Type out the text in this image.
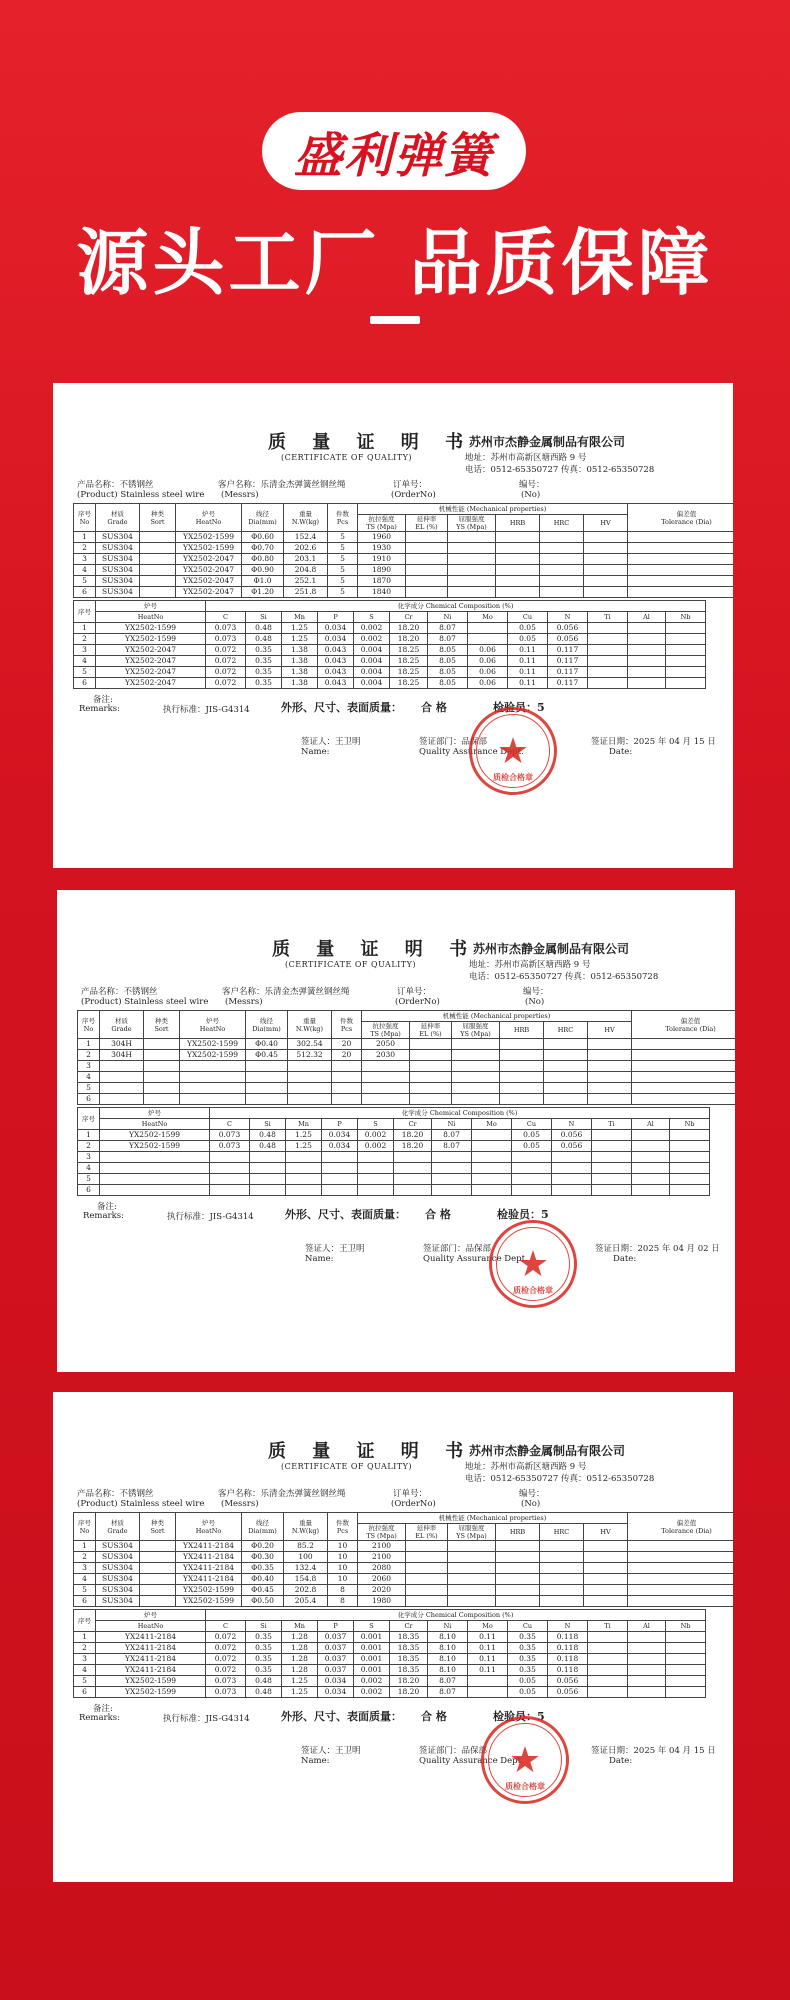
盛利弹簧
源头工厂 品质保障
质 量 证 明 书
(CERTIFICATE OF QUALITY)
苏州市杰静金属制品有限公司
地址：苏州市高新区塘西路 9 号
电话：0512-65350727 传真：0512-65350728
产品名称：不锈钢丝
(Product) Stainless steel wire
客户名称：乐清金杰弹簧丝钢丝绳
(Messrs)
订单号：
(OrderNo)
编号：
(No)
序号
No	材质
Grade	种类
Sort	炉号
HeatNo	线径
Dia(mm)	重量
N.W(kg)	件数
Pcs	机械性能 (Mechanical properties)						偏差值
Tolerance (Dia)
							抗拉强度
TS (Mpa)	延伸率
EL (%)	屈服强度
YS (Mpa)	HRB	HRC	HV	
1	SUS304		YX2502-1599	Φ0.60	152.4	5	1960						
2	SUS304		YX2502-1599	Φ0.70	202.6	5	1930						
3	SUS304		YX2502-2047	Φ0.80	203.1	5	1910						
4	SUS304		YX2502-2047	Φ0.90	204.8	5	1890						
5	SUS304		YX2502-2047	Φ1.0	252.1	5	1870						
6	SUS304		YX2502-2047	Φ1.20	251.8	5	1840						
序号	炉号	化学成分 Chemical Composition (%)												
	HeatNo	C	Si	Mn	P	S	Cr	Ni	Mo	Cu	N	Ti	Al	Nb
1	YX2502-1599	0.073	0.48	1.25	0.034	0.002	18.20	8.07		0.05	0.056			
2	YX2502-1599	0.073	0.48	1.25	0.034	0.002	18.20	8.07		0.05	0.056			
3	YX2502-2047	0.072	0.35	1.38	0.043	0.004	18.25	8.05	0.06	0.11	0.117			
4	YX2502-2047	0.072	0.35	1.38	0.043	0.004	18.25	8.05	0.06	0.11	0.117			
5	YX2502-2047	0.072	0.35	1.38	0.043	0.004	18.25	8.05	0.06	0.11	0.117			
6	YX2502-2047	0.072	0.35	1.38	0.043	0.004	18.25	8.05	0.06	0.11	0.117			
备注:
Remarks:	执行标准：JIS-G4314	外形、尺寸、表面质量： 合 格	检验员：5
签证人：王卫明
Name:
签证部门：品保部
Quality Assurance Dept.
签证日期：2025 年 04 月 15 日
Date:
★
质检合格章
质 量 证 明 书
(CERTIFICATE OF QUALITY)
苏州市杰静金属制品有限公司
地址：苏州市高新区塘西路 9 号
电话：0512-65350727 传真：0512-65350728
产品名称：不锈钢丝
(Product) Stainless steel wire
客户名称：乐清金杰弹簧丝钢丝绳
(Messrs)
订单号：
(OrderNo)
编号：
(No)
序号
No	材质
Grade	种类
Sort	炉号
HeatNo	线径
Dia(mm)	重量
N.W(kg)	件数
Pcs	机械性能 (Mechanical properties)						偏差值
Tolerance (Dia)
							抗拉强度
TS (Mpa)	延伸率
EL (%)	屈服强度
YS (Mpa)	HRB	HRC	HV	
1	304H		YX2502-1599	Φ0.40	302.54	20	2050						
2	304H		YX2502-1599	Φ0.45	512.32	20	2030						
3													
4													
5													
6													
序号	炉号	化学成分 Chemical Composition (%)												
	HeatNo	C	Si	Mn	P	S	Cr	Ni	Mo	Cu	N	Ti	Al	Nb
1	YX2502-1599	0.073	0.48	1.25	0.034	0.002	18.20	8.07		0.05	0.056			
2	YX2502-1599	0.073	0.48	1.25	0.034	0.002	18.20	8.07		0.05	0.056			
3														
4														
5														
6														
备注:
Remarks:	执行标准：JIS-G4314	外形、尺寸、表面质量： 合 格	检验员：5
签证人：王卫明
Name:
签证部门：品保部
Quality Assurance Dept.
签证日期：2025 年 04 月 02 日
Date:
★
质检合格章
质 量 证 明 书
(CERTIFICATE OF QUALITY)
苏州市杰静金属制品有限公司
地址：苏州市高新区塘西路 9 号
电话：0512-65350727 传真：0512-65350728
产品名称：不锈钢丝
(Product) Stainless steel wire
客户名称：乐清金杰弹簧丝钢丝绳
(Messrs)
订单号：
(OrderNo)
编号：
(No)
序号
No	材质
Grade	种类
Sort	炉号
HeatNo	线径
Dia(mm)	重量
N.W(kg)	件数
Pcs	机械性能 (Mechanical properties)						偏差值
Tolerance (Dia)
							抗拉强度
TS (Mpa)	延伸率
EL (%)	屈服强度
YS (Mpa)	HRB	HRC	HV	
1	SUS304		YX2411-2184	Φ0.20	85.2	10	2100						
2	SUS304		YX2411-2184	Φ0.30	100	10	2100						
3	SUS304		YX2411-2184	Φ0.35	132.4	10	2080						
4	SUS304		YX2411-2184	Φ0.40	154.8	10	2060						
5	SUS304		YX2502-1599	Φ0.45	202.8	8	2020						
6	SUS304		YX2502-1599	Φ0.50	205.4	8	1980						
序号	炉号	化学成分 Chemical Composition (%)												
	HeatNo	C	Si	Mn	P	S	Cr	Ni	Mo	Cu	N	Ti	Al	Nb
1	YX2411-2184	0.072	0.35	1.28	0.037	0.001	18.35	8.10	0.11	0.35	0.118			
2	YX2411-2184	0.072	0.35	1.28	0.037	0.001	18.35	8.10	0.11	0.35	0.118			
3	YX2411-2184	0.072	0.35	1.28	0.037	0.001	18.35	8.10	0.11	0.35	0.118			
4	YX2411-2184	0.072	0.35	1.28	0.037	0.001	18.35	8.10	0.11	0.35	0.118			
5	YX2502-1599	0.073	0.48	1.25	0.034	0.002	18.20	8.07		0.05	0.056			
6	YX2502-1599	0.073	0.48	1.25	0.034	0.002	18.20	8.07		0.05	0.056			
备注:
Remarks:	执行标准：JIS-G4314	外形、尺寸、表面质量： 合 格	检验员：5
签证人：王卫明
Name:
签证部门：品保部
Quality Assurance Dept.
签证日期：2025 年 04 月 15 日
Date:
★
质检合格章
